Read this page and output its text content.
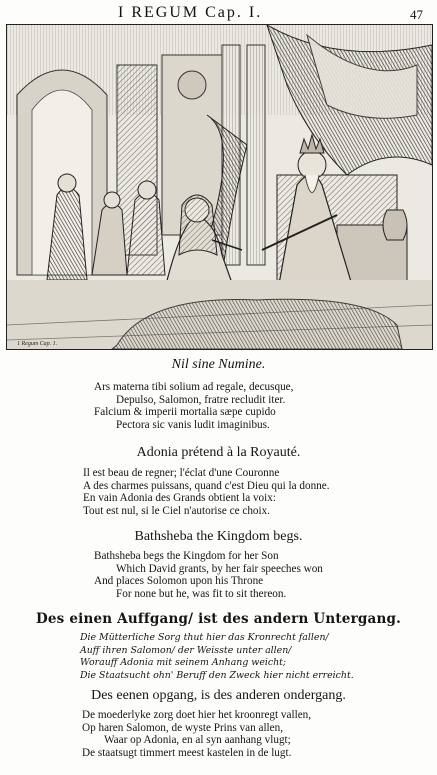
I REGUM Cap. I.	47
1 Regum Cap. 1.
Nil sine Numine.
Ars materna tibi solium ad regale, decusque,
Depulso, Salomon, fratre recludit iter.
Falcium & imperii mortalia sæpe cupido
Pectora sic vanis ludit imaginibus.

Adonia prétend à la Royauté.

Il est beau de regner; l'éclat d'une Couronne
A des charmes puissans, quand c'est Dieu qui la donne.
En vain Adonia des Grands obtient la voix:
Tout est nul, si le Ciel n'autorise ce choix.

Bathsheba the Kingdom begs.

Bathsheba begs the Kingdom for her Son
Which David grants, by her fair speeches won
And places Solomon upon his Throne
For none but he, was fit to sit thereon.

Des einen Auffgang/ ist des andern Untergang.

Die Mütterliche Sorg thut hier das Kronrecht fallen/
Auff ihren Salomon/ der Weisste unter allen/
Worauff Adonia mit seinem Anhang weicht;
Die Staatsucht ohn' Beruff den Zweck hier nicht erreicht.

Des eenen opgang, is des anderen ondergang.

De moederlyke zorg doet hier het kroonregt vallen,
Op haren Salomon, de wyste Prins van allen,
Waar op Adonia, en al syn aanhang vlugt;
De staatsugt timmert meest kastelen in de lugt.
